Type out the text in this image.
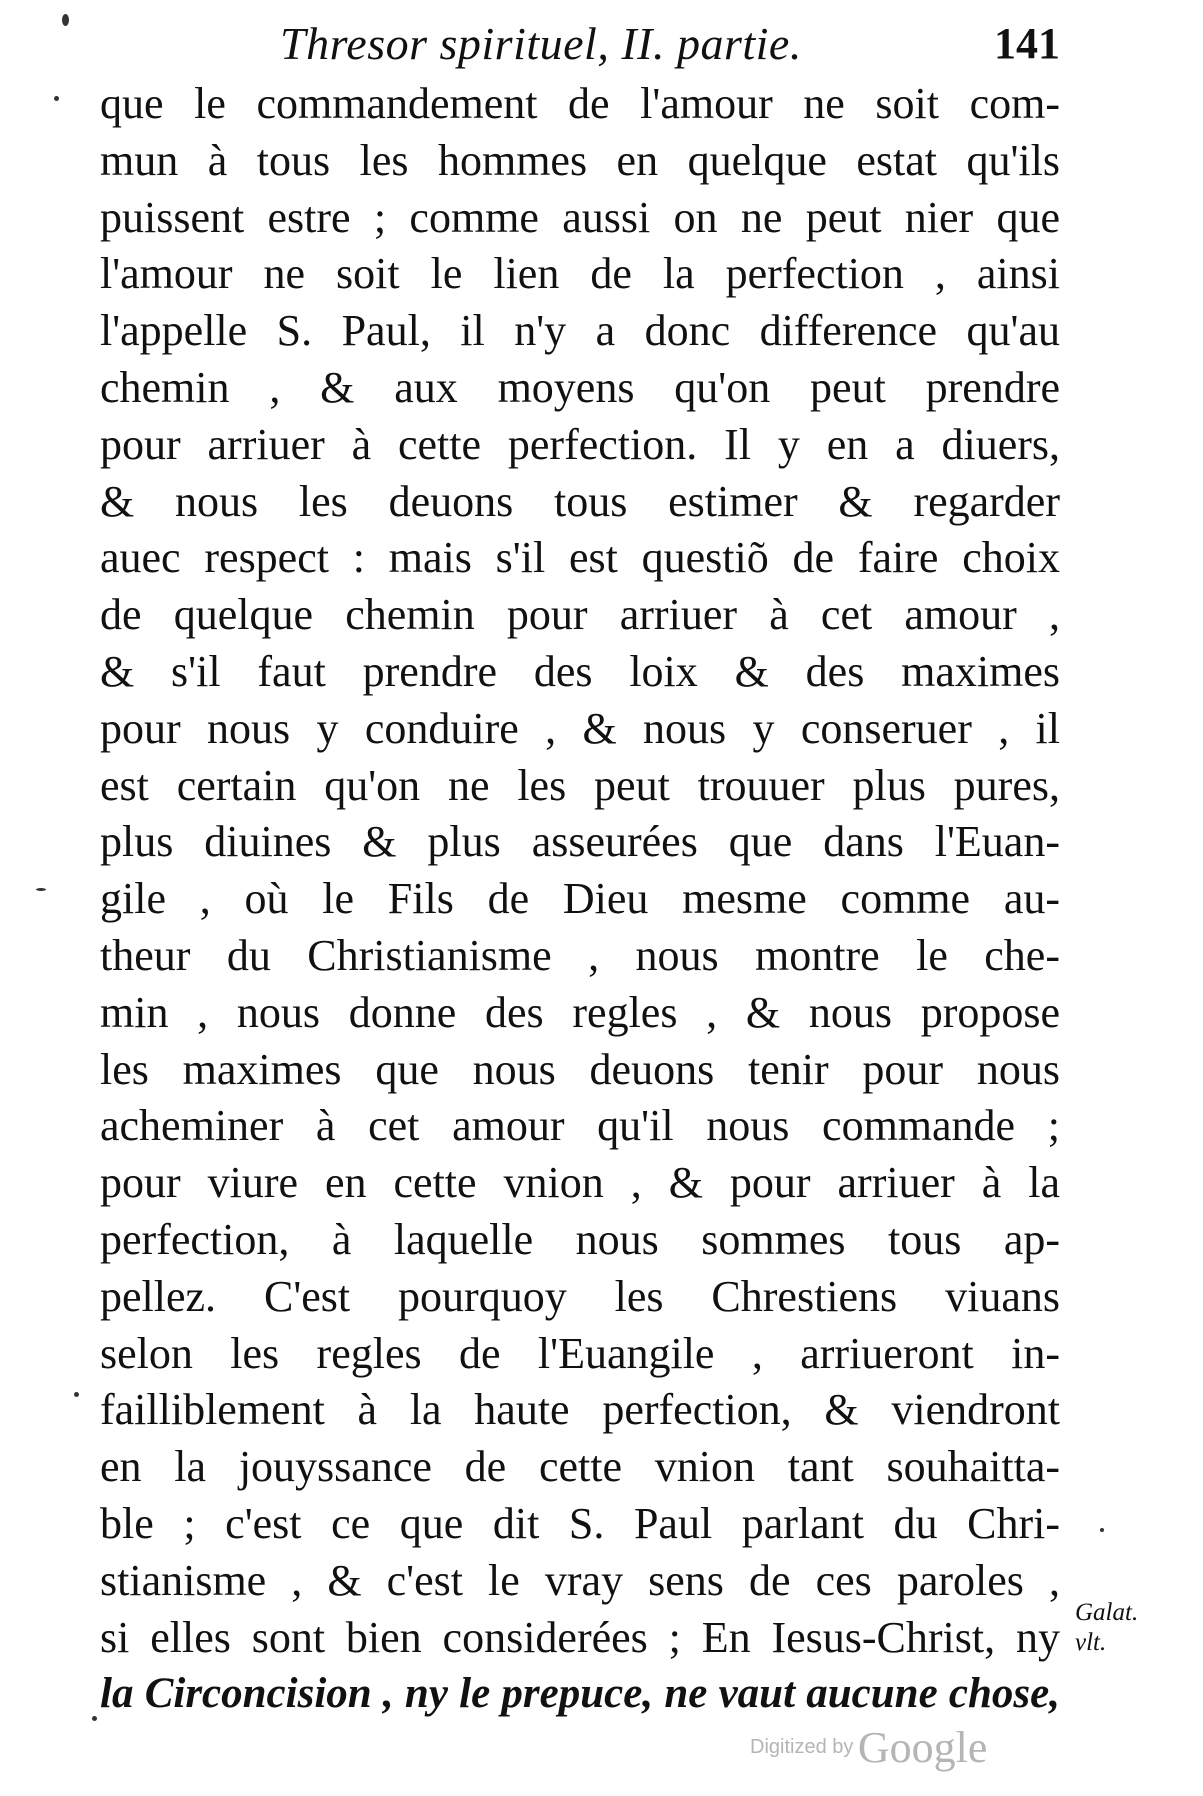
Thresor spirituel, II. partie.	141
que le commandement de l'amour ne soit com-
mun à tous les hommes en quelque estat qu'ils
puissent estre ; comme aussi on ne peut nier que
l'amour ne soit le lien de la perfection , ainsi
l'appelle S. Paul, il n'y a donc difference qu'au
chemin , & aux moyens qu'on peut prendre
pour arriuer à cette perfection. Il y en a diuers,
& nous les deuons tous estimer & regarder
auec respect : mais s'il est questiõ de faire choix
de quelque chemin pour arriuer à cet amour ,
& s'il faut prendre des loix & des maximes
pour nous y conduire , & nous y conseruer , il
est certain qu'on ne les peut trouuer plus pures,
plus diuines & plus asseurées que dans l'Euan-
gile , où le Fils de Dieu mesme comme au-
theur du Christianisme , nous montre le che-
min , nous donne des regles , & nous propose
les maximes que nous deuons tenir pour nous
acheminer à cet amour qu'il nous commande ;
pour viure en cette vnion , & pour arriuer à la
perfection, à laquelle nous sommes tous ap-
pellez. C'est pourquoy les Chrestiens viuans
selon les regles de l'Euangile , arriueront in-
failliblement à la haute perfection, & viendront
en la jouyssance de cette vnion tant souhaitta-
ble ; c'est ce que dit S. Paul parlant du Chri-
stianisme , & c'est le vray sens de ces paroles ,
si elles sont bien considerées ; En Iesus-Christ, ny
la Circoncision , ny le prepuce, ne vaut aucune chose,
Galat.
vlt.
Digitized by Google
